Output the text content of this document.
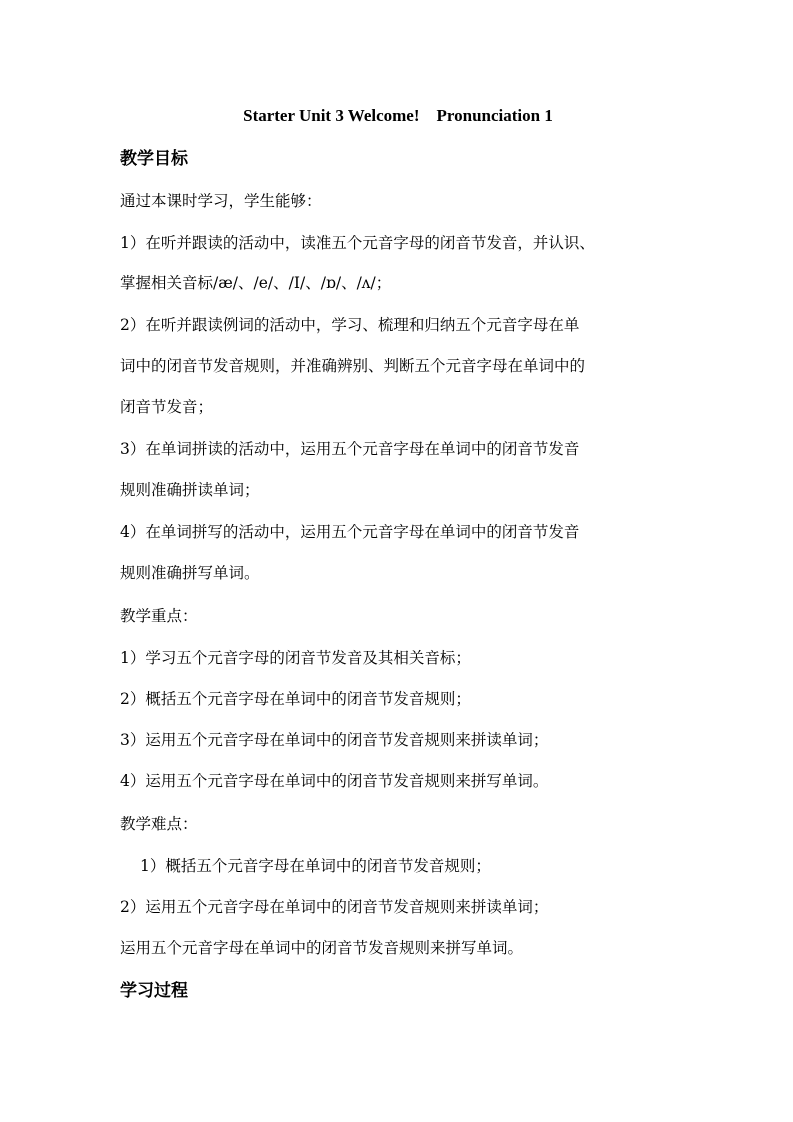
Starter Unit 3 Welcome!　Pronunciation 1
教学目标
通过本课时学习，学生能够：
1）在听并跟读的活动中，读准五个元音字母的闭音节发音，并认识、
掌握相关音标/æ/、/e/、/I/、/ɒ/、/ʌ/；
2）在听并跟读例词的活动中，学习、梳理和归纳五个元音字母在单
词中的闭音节发音规则，并准确辨别、判断五个元音字母在单词中的
闭音节发音；
3）在单词拼读的活动中，运用五个元音字母在单词中的闭音节发音
规则准确拼读单词；
4）在单词拼写的活动中，运用五个元音字母在单词中的闭音节发音
规则准确拼写单词。
教学重点：
1）学习五个元音字母的闭音节发音及其相关音标；
2）概括五个元音字母在单词中的闭音节发音规则；
3）运用五个元音字母在单词中的闭音节发音规则来拼读单词；
4）运用五个元音字母在单词中的闭音节发音规则来拼写单词。
教学难点：
1）概括五个元音字母在单词中的闭音节发音规则；
2）运用五个元音字母在单词中的闭音节发音规则来拼读单词；
运用五个元音字母在单词中的闭音节发音规则来拼写单词。
学习过程
